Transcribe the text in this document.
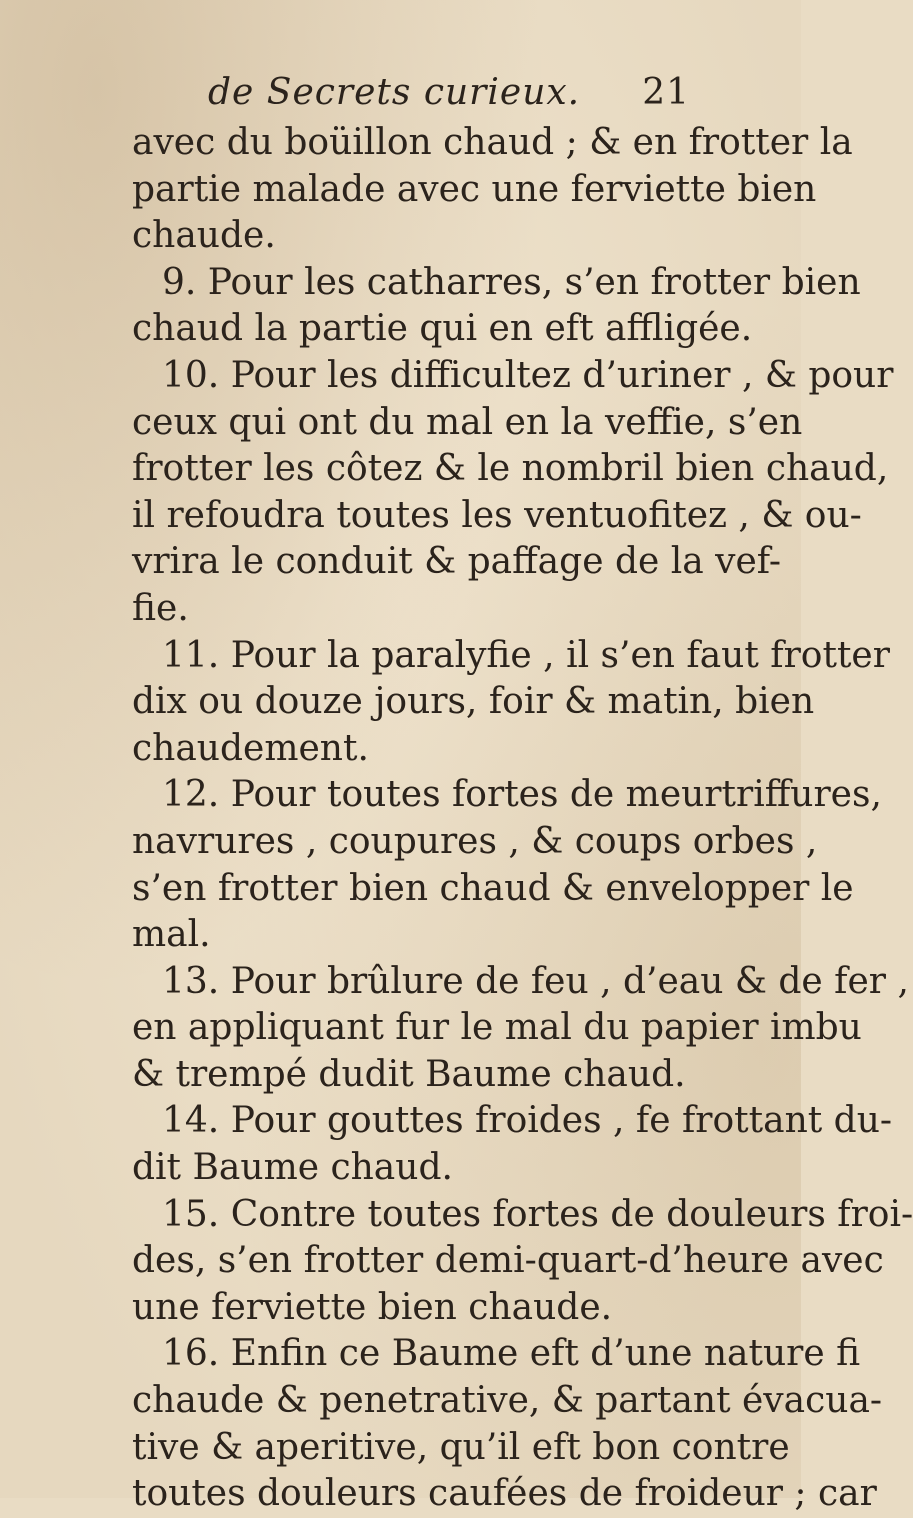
de Secrets curieux. 21
avec du boüillon chaud ; & en frotter la
partie malade avec une ferviette bien
chaude.
9. Pour les catharres, s’en frotter bien
chaud la partie qui en eft affligée.
10. Pour les difficultez d’uriner , & pour
ceux qui ont du mal en la veffie, s’en
frotter les côtez & le nombril bien chaud,
il refoudra toutes les ventuofitez , & ou-
vrira le conduit & paffage de la vef-
fie.
11. Pour la paralyfie , il s’en faut frotter
dix ou douze jours, foir & matin, bien
chaudement.
12. Pour toutes fortes de meurtriffures,
navrures , coupures , & coups orbes ,
s’en frotter bien chaud & envelopper le
mal.
13. Pour brûlure de feu , d’eau & de fer ,
en appliquant fur le mal du papier imbu
& trempé dudit Baume chaud.
14. Pour gouttes froides , fe frottant du-
dit Baume chaud.
15. Contre toutes fortes de douleurs froi-
des, s’en frotter demi-quart-d’heure avec
une ferviette bien chaude.
16. Enfin ce Baume eft d’une nature fi
chaude & penetrative, & partant évacua-
tive & aperitive, qu’il eft bon contre
toutes douleurs caufées de froideur ; car
